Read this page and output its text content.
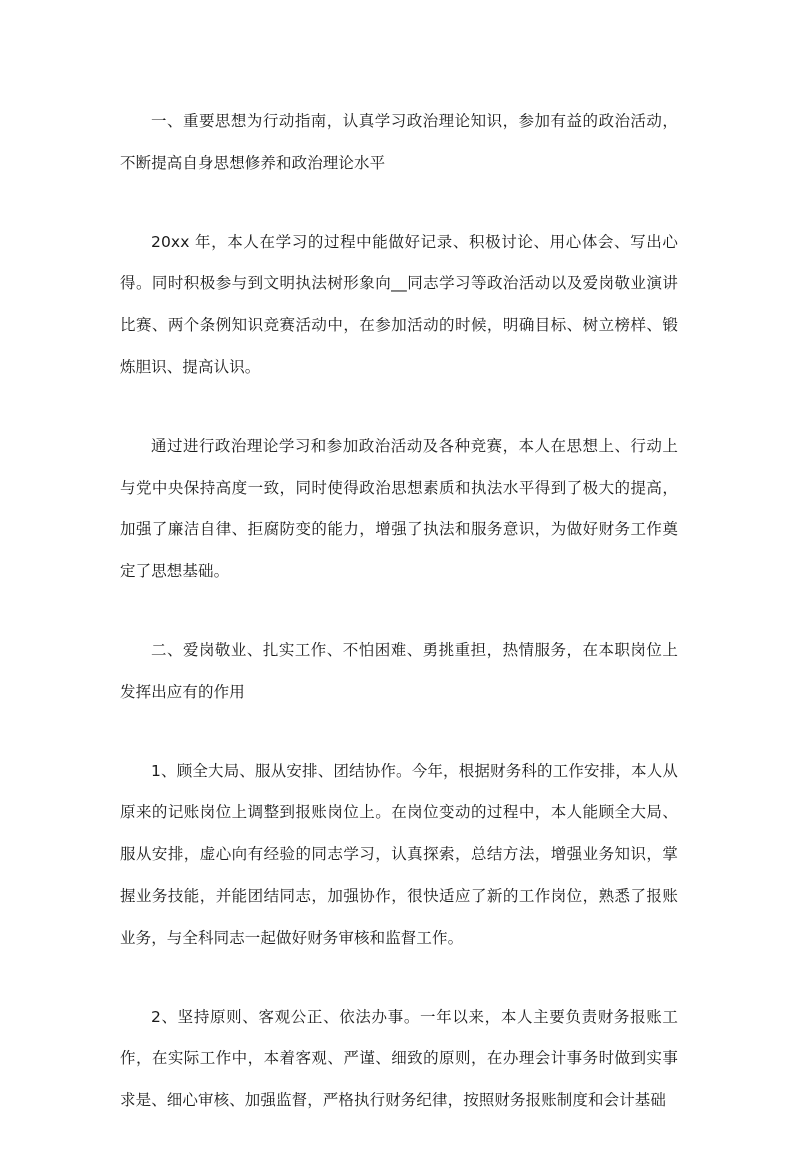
一、重要思想为行动指南，认真学习政治理论知识，参加有益的政治活动，不断提高自身思想修养和政治理论水平

20xx 年，本人在学习的过程中能做好记录、积极讨论、用心体会、写出心得。同时积极参与到文明执法树形象向__同志学习等政治活动以及爱岗敬业演讲比赛、两个条例知识竞赛活动中，在参加活动的时候，明确目标、树立榜样、锻炼胆识、提高认识。

通过进行政治理论学习和参加政治活动及各种竞赛，本人在思想上、行动上与党中央保持高度一致，同时使得政治思想素质和执法水平得到了极大的提高，加强了廉洁自律、拒腐防变的能力，增强了执法和服务意识，为做好财务工作奠定了思想基础。

二、爱岗敬业、扎实工作、不怕困难、勇挑重担，热情服务，在本职岗位上发挥出应有的作用

1、顾全大局、服从安排、团结协作。今年，根据财务科的工作安排，本人从原来的记账岗位上调整到报账岗位上。在岗位变动的过程中，本人能顾全大局、服从安排，虚心向有经验的同志学习，认真探索，总结方法，增强业务知识，掌握业务技能，并能团结同志，加强协作，很快适应了新的工作岗位，熟悉了报账业务，与全科同志一起做好财务审核和监督工作。

2、坚持原则、客观公正、依法办事。一年以来，本人主要负责财务报账工作，在实际工作中，本着客观、严谨、细致的原则，在办理会计事务时做到实事求是、细心审核、加强监督，严格执行财务纪律，按照财务报账制度和会计基础
